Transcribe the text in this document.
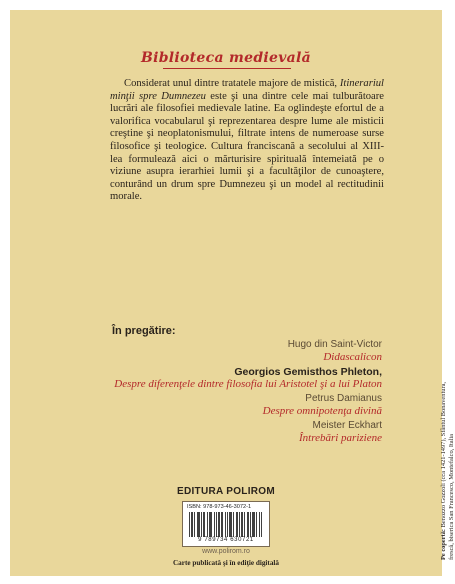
Biblioteca medievală

Considerat unul dintre tratatele majore de mistică, Itinerariul minţii spre Dumnezeu este şi una dintre cele mai tulburătoare lucrări ale filosofiei medievale latine. Ea oglindeşte efortul de a valorifica vocabularul şi reprezentarea despre lume ale misticii creştine şi neoplatonismului, filtrate intens de numeroase surse filosofice şi teologice. Cultura franciscană a secolului al XIII-lea formulează aici o mărturisire spirituală întemeiată pe o viziune asupra ierarhiei lumii şi a facultăţilor de cunoaştere, conturând un drum spre Dumnezeu şi un model al rectitudinii morale.

În pregătire:
Hugo din Saint-Victor
Didascalicon
Georgios Gemisthos Phleton,
Despre diferenţele dintre filosofia lui Aristotel şi a lui Platon
Petrus Damianus
Despre omnipotenţa divină
Meister Eckhart
Întrebări pariziene
EDITURA POLIROM
ISBN: 978-973-46-3072-1
9 789734 630721
www.polirom.ro
Carte publicată şi în ediţie digitală
Pe copertă: Benozzo Gozzoli (cca 1421-1497), Sfântul Bonaventura, frescă, biserica San Francesco, Montefalco, Italia
